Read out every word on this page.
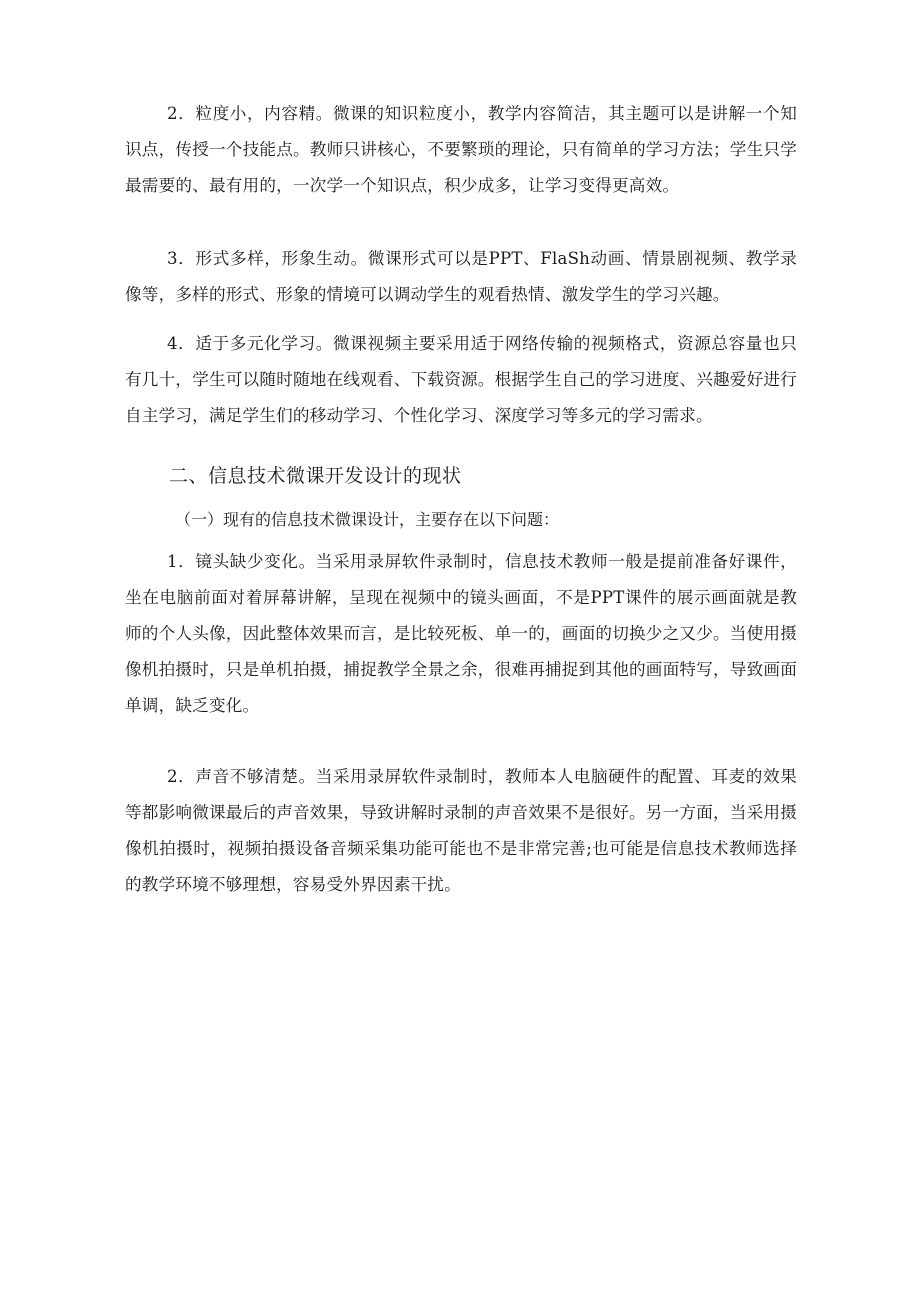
2．粒度小，内容精。微课的知识粒度小，教学内容简洁，其主题可以是讲解一个知识点，传授一个技能点。教师只讲核心，不要繁琐的理论，只有简单的学习方法；学生只学最需要的、最有用的，一次学一个知识点，积少成多，让学习变得更高效。

3．形式多样，形象生动。微课形式可以是PPT、FlaSh动画、情景剧视频、教学录像等，多样的形式、形象的情境可以调动学生的观看热情、激发学生的学习兴趣。

4．适于多元化学习。微课视频主要采用适于网络传输的视频格式，资源总容量也只有几十，学生可以随时随地在线观看、下载资源。根据学生自己的学习进度、兴趣爱好进行自主学习，满足学生们的移动学习、个性化学习、深度学习等多元的学习需求。

二、信息技术微课开发设计的现状

（一）现有的信息技术微课设计，主要存在以下问题：

1．镜头缺少变化。当采用录屏软件录制时，信息技术教师一般是提前准备好课件，坐在电脑前面对着屏幕讲解，呈现在视频中的镜头画面，不是PPT课件的展示画面就是教师的个人头像，因此整体效果而言，是比较死板、单一的，画面的切换少之又少。当使用摄像机拍摄时，只是单机拍摄，捕捉教学全景之余，很难再捕捉到其他的画面特写，导致画面单调，缺乏变化。

2．声音不够清楚。当采用录屏软件录制时，教师本人电脑硬件的配置、耳麦的效果等都影响微课最后的声音效果，导致讲解时录制的声音效果不是很好。另一方面，当采用摄像机拍摄时，视频拍摄设备音频采集功能可能也不是非常完善;也可能是信息技术教师选择的教学环境不够理想，容易受外界因素干扰。
